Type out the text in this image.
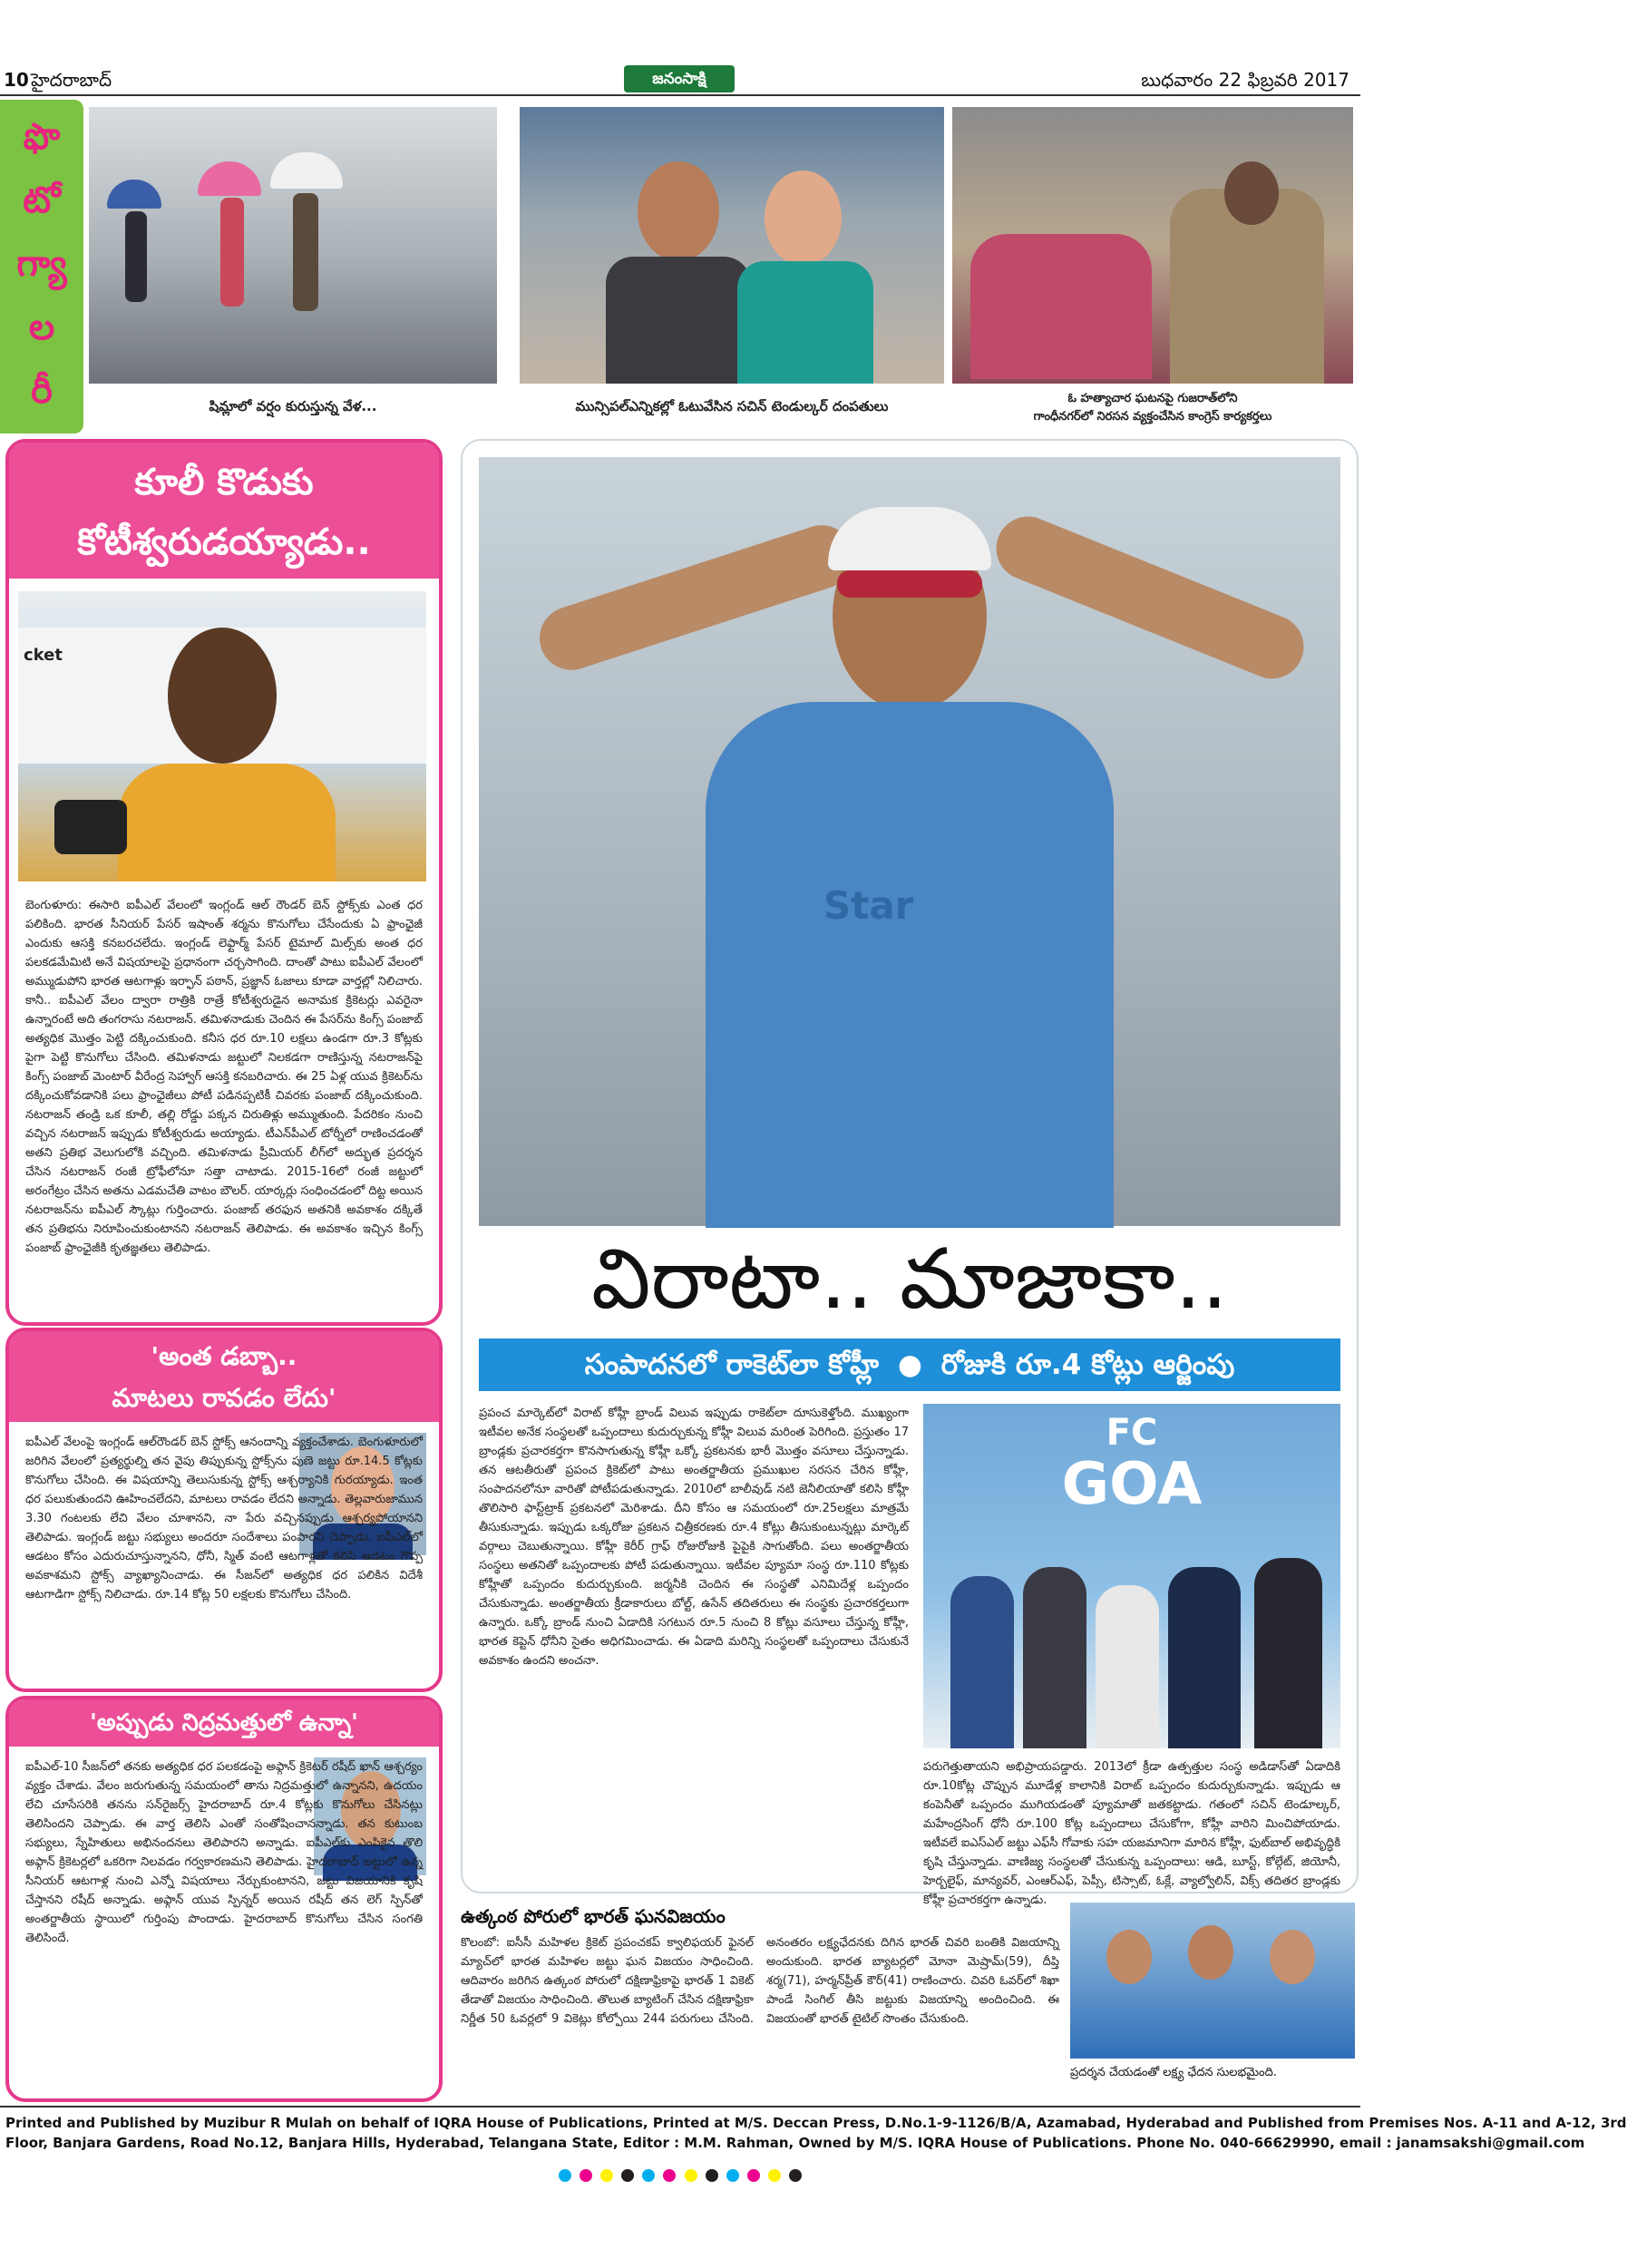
10 హైదరాబాద్	జనంసాక్షి	బుధవారం 22 ఫిబ్రవరి 2017
ఫొ
టో
గ్యా
ల
రీ	షిమ్లాలో వర్షం కురుస్తున్న వేళ...	మున్సిపల్‌ఎన్నికల్లో ఓటువేసిన సచిన్ టెండుల్కర్ దంపతులు	ఓ హత్యాచార ఘటనపై గుజరాత్‌లోని
గాంధీనగర్‌లో నిరసన వ్యక్తంచేసిన కాంగ్రెస్ కార్యకర్తలు
కూలీ కొడుకు
కోటీశ్వరుడయ్యాడు..
cket
బెంగుళూరు: ఈసారి ఐపీఎల్ వేలంలో ఇంగ్లండ్ ఆల్ రౌండర్ బెన్ స్టోక్స్‌కు ఎంత ధర పలికింది. భారత సీనియర్ పేసర్ ఇషాంత్ శర్మను కొనుగోలు చేసేందుకు ఏ ఫ్రాంఛైజీ ఎందుకు ఆసక్తి కనబరచలేదు. ఇంగ్లండ్ లెఫ్టార్మ్ పేసర్ టైమాల్ మిల్స్‌కు అంత ధర పలకడమేమిటి అనే విషయాలపై ప్రధానంగా చర్చసాగింది. దాంతో పాటు ఐపీఎల్ వేలంలో అమ్ముడుపోని భారత ఆటగాళ్లు ఇర్ఫాన్ పఠాన్, ప్రజ్ఞాన్ ఓజాలు కూడా వార్తల్లో నిలిచారు. కానీ.. ఐపీఎల్ వేలం ద్వారా రాత్రికి రాత్రే కోటీశ్వరుడైన అనామక క్రికెటర్లు ఎవరైనా ఉన్నారంటే అది తంగరాసు నటరాజన్. తమిళనాడుకు చెందిన ఈ పేసర్‌ను కింగ్స్ పంజాబ్ అత్యధిక మొత్తం పెట్టి దక్కించుకుంది. కనీస ధర రూ.10 లక్షలు ఉండగా రూ.3 కోట్లకు పైగా పెట్టి కొనుగోలు చేసింది. తమిళనాడు జట్టులో నిలకడగా రాణిస్తున్న నటరాజన్‌పై కింగ్స్ పంజాబ్ మెంటార్ వీరేంద్ర సెహ్వాగ్ ఆసక్తి కనబరిచారు. ఈ 25 ఏళ్ల యువ క్రికెటర్‌ను దక్కించుకోవడానికి పలు ఫ్రాంఛైజీలు పోటీ పడినప్పటికీ చివరకు పంజాబ్ దక్కించుకుంది. నటరాజన్ తండ్రి ఒక కూలీ, తల్లి రోడ్డు పక్కన చిరుతిళ్లు అమ్ముతుంది. పేదరికం నుంచి వచ్చిన నటరాజన్ ఇప్పుడు కోటీశ్వరుడు అయ్యాడు. టీఎన్‌పీఎల్ టోర్నీలో రాణించడంతో అతని ప్రతిభ వెలుగులోకి వచ్చింది. తమిళనాడు ప్రీమియర్ లీగ్‌లో అద్భుత ప్రదర్శన చేసిన నటరాజన్ రంజీ ట్రోఫీలోనూ సత్తా చాటాడు. 2015-16లో రంజీ జట్టులో అరంగేట్రం చేసిన అతను ఎడమచేతి వాటం బౌలర్. యార్కర్లు సంధించడంలో దిట్ట అయిన నటరాజన్‌ను ఐపీఎల్ స్కౌట్లు గుర్తించారు. పంజాబ్ తరఫున అతనికి అవకాశం దక్కితే తన ప్రతిభను నిరూపించుకుంటానని నటరాజన్ తెలిపాడు. ఈ అవకాశం ఇచ్చిన కింగ్స్ పంజాబ్ ఫ్రాంఛైజీకి కృతజ్ఞతలు తెలిపాడు.
'అంత డబ్బా..
మాటలు రావడం లేదు'
ఐపీఎల్ వేలంపై ఇంగ్లండ్ ఆల్‌రౌండర్ బెన్ స్టోక్స్ ఆనందాన్ని వ్యక్తంచేశాడు. బెంగుళూరులో జరిగిన వేలంలో ప్రత్యర్థుల్ని తన వైపు తిప్పుకున్న స్టోక్స్‌ను పుణె జట్టు రూ.14.5 కోట్లకు కొనుగోలు చేసింది. ఈ విషయాన్ని తెలుసుకున్న స్టోక్స్ ఆశ్చర్యానికి గురయ్యాడు. ఇంత ధర పలుకుతుందని ఊహించలేదని, మాటలు రావడం లేదని అన్నాడు. తెల్లవారుజామున 3.30 గంటలకు లేచి వేలం చూశానని, నా పేరు వచ్చినప్పుడు ఆశ్చర్యపోయానని తెలిపాడు. ఇంగ్లండ్ జట్టు సభ్యులు అందరూ సందేశాలు పంపారని చెప్పాడు. ఐపీఎల్‌లో ఆడటం కోసం ఎదురుచూస్తున్నానని, ధోనీ, స్మిత్ వంటి ఆటగాళ్లతో కలిసి ఆడటం గొప్ప అవకాశమని స్టోక్స్ వ్యాఖ్యానించాడు. ఈ సీజన్‌లో అత్యధిక ధర పలికిన విదేశీ ఆటగాడిగా స్టోక్స్ నిలిచాడు. రూ.14 కోట్ల 50 లక్షలకు కొనుగోలు చేసింది.
'అప్పుడు నిద్రమత్తులో ఉన్నా'
ఐపీఎల్-10 సీజన్‌లో తనకు అత్యధిక ధర పలకడంపై అఫ్గాన్ క్రికెటర్ రషీద్ ఖాన్ ఆశ్చర్యం వ్యక్తం చేశాడు. వేలం జరుగుతున్న సమయంలో తాను నిద్రమత్తులో ఉన్నానని, ఉదయం లేచి చూసేసరికి తనను సన్‌రైజర్స్ హైదరాబాద్ రూ.4 కోట్లకు కొనుగోలు చేసినట్లు తెలిసిందని చెప్పాడు. ఈ వార్త తెలిసి ఎంతో సంతోషించానన్నాడు. తన కుటుంబ సభ్యులు, స్నేహితులు అభినందనలు తెలిపారని అన్నాడు. ఐపీఎల్‌కు ఎంపికైన తొలి అఫ్గాన్ క్రికెటర్లలో ఒకరిగా నిలవడం గర్వకారణమని తెలిపాడు. హైదరాబాద్ జట్టులో ఉన్న సీనియర్ ఆటగాళ్ల నుంచి ఎన్నో విషయాలు నేర్చుకుంటానని, జట్టు విజయానికి కృషి చేస్తానని రషీద్ అన్నాడు. అఫ్గాన్ యువ స్పిన్నర్ అయిన రషీద్ తన లెగ్ స్పిన్‌తో అంతర్జాతీయ స్థాయిలో గుర్తింపు పొందాడు. హైదరాబాద్ కొనుగోలు చేసిన సంగతి తెలిసిందే.
Star
విరాటా.. మాజాకా..
సంపాదనలో రాకెట్‌లా కోహ్లీ ● రోజుకి రూ.4 కోట్లు ఆర్జింపు
ప్రపంచ మార్కెట్‌లో విరాట్ కోహ్లీ బ్రాండ్ విలువ ఇప్పుడు రాకెట్‌లా దూసుకెళ్తోంది. ముఖ్యంగా ఇటీవల అనేక సంస్థలతో ఒప్పందాలు కుదుర్చుకున్న కోహ్లీ విలువ మరింత పెరిగింది. ప్రస్తుతం 17 బ్రాండ్లకు ప్రచారకర్తగా కొనసాగుతున్న కోహ్లీ ఒక్కో ప్రకటనకు భారీ మొత్తం వసూలు చేస్తున్నాడు. తన ఆటతీరుతో ప్రపంచ క్రికెట్‌లో పాటు అంతర్జాతీయ ప్రముఖుల సరసన చేరిన కోహ్లీ, సంపాదనలోనూ వారితో పోటీపడుతున్నాడు. 2010లో బాలీవుడ్ నటి జెనీలియాతో కలిసి కోహ్లీ తొలిసారి ఫాస్ట్‌ట్రాక్ ప్రకటనలో మెరిశాడు. దీని కోసం ఆ సమయంలో రూ.25లక్షలు మాత్రమే తీసుకున్నాడు. ఇప్పుడు ఒక్కరోజు ప్రకటన చిత్రీకరణకు రూ.4 కోట్లు తీసుకుంటున్నట్లు మార్కెట్ వర్గాలు చెబుతున్నాయి. కోహ్లీ కెరీర్ గ్రాఫ్ రోజురోజుకి పైపైకి సాగుతోంది. పలు అంతర్జాతీయ సంస్థలు అతనితో ఒప్పందాలకు పోటీ పడుతున్నాయి. ఇటీవల ప్యూమా సంస్థ రూ.110 కోట్లకు కోహ్లీతో ఒప్పందం కుదుర్చుకుంది. జర్మనీకి చెందిన ఈ సంస్థతో ఎనిమిదేళ్ల ఒప్పందం చేసుకున్నాడు. అంతర్జాతీయ క్రీడాకారులు బోల్ట్, ఉసేన్ తదితరులు ఈ సంస్థకు ప్రచారకర్తలుగా ఉన్నారు. ఒక్కో బ్రాండ్ నుంచి ఏడాదికి సగటున రూ.5 నుంచి 8 కోట్లు వసూలు చేస్తున్న కోహ్లీ, భారత కెప్టెన్ ధోనీని సైతం అధిగమించాడు. ఈ ఏడాది మరిన్ని సంస్థలతో ఒప్పందాలు చేసుకునే అవకాశం ఉందని అంచనా.
FC
GOA
పరుగెత్తుతాయని అభిప్రాయపడ్డారు. 2013లో క్రీడా ఉత్పత్తుల సంస్థ అడిడాస్‌తో ఏడాదికి రూ.10కోట్ల చొప్పున మూడేళ్ల కాలానికి విరాట్ ఒప్పందం కుదుర్చుకున్నాడు. ఇప్పుడు ఆ కంపెనీతో ఒప్పందం ముగియడంతో ప్యూమాతో జతకట్టాడు. గతంలో సచిన్ టెండూల్కర్, మహేంద్రసింగ్ ధోనీ రూ.100 కోట్ల ఒప్పందాలు చేసుకోగా, కోహ్లీ వారిని మించిపోయాడు. ఇటీవలే ఐఎస్ఎల్ జట్టు ఎఫ్‌సీ గోవాకు సహ యజమానిగా మారిన కోహ్లీ, ఫుట్‌బాల్ అభివృద్ధికి కృషి చేస్తున్నాడు. వాణిజ్య సంస్థలతో చేసుకున్న ఒప్పందాలు: ఆడి, బూస్ట్, కోల్గేట్, జియోనీ, హెర్బలైఫ్, మాన్యవర్, ఎంఆర్ఎఫ్, పెప్సీ, టిస్సాట్, ఓక్లే, వ్యాల్వోలిన్, విక్స్ తదితర బ్రాండ్లకు కోహ్లీ ప్రచారకర్తగా ఉన్నాడు.
ఉత్కంఠ పోరులో భారత్ ఘనవిజయం
కొలంబో: ఐసీసీ మహిళల క్రికెట్ ప్రపంచకప్ క్వాలిఫయర్ ఫైనల్ మ్యాచ్‌లో భారత మహిళల జట్టు ఘన విజయం సాధించింది. ఆదివారం జరిగిన ఉత్కంఠ పోరులో దక్షిణాఫ్రికాపై భారత్ 1 వికెట్ తేడాతో విజయం సాధించింది. తొలుత బ్యాటింగ్ చేసిన దక్షిణాఫ్రికా నిర్ణీత 50 ఓవర్లలో 9 వికెట్లు కోల్పోయి 244 పరుగులు చేసింది. అనంతరం లక్ష్యఛేదనకు దిగిన భారత్ చివరి బంతికి విజయాన్ని అందుకుంది. భారత బ్యాటర్లలో మోనా మెష్రామ్(59), దీప్తి శర్మ(71), హర్మన్‌ప్రీత్ కౌర్(41) రాణించారు. చివరి ఓవర్‌లో శిఖా పాండే సింగిల్ తీసి జట్టుకు విజయాన్ని అందించింది. ఈ విజయంతో భారత్ టైటిల్ సొంతం చేసుకుంది.
ప్రదర్శన చేయడంతో లక్ష్య ఛేదన సులభమైంది.
Printed and Published by Muzibur R Mulah on behalf of IQRA House of Publications, Printed at M/S. Deccan Press, D.No.1-9-1126/B/A, Azamabad, Hyderabad and Published from Premises Nos. A-11 and A-12, 3rd
Floor, Banjara Gardens, Road No.12, Banjara Hills, Hyderabad, Telangana State, Editor : M.M. Rahman, Owned by M/S. IQRA House of Publications. Phone No. 040-66629990, email : janamsakshi@gmail.com
